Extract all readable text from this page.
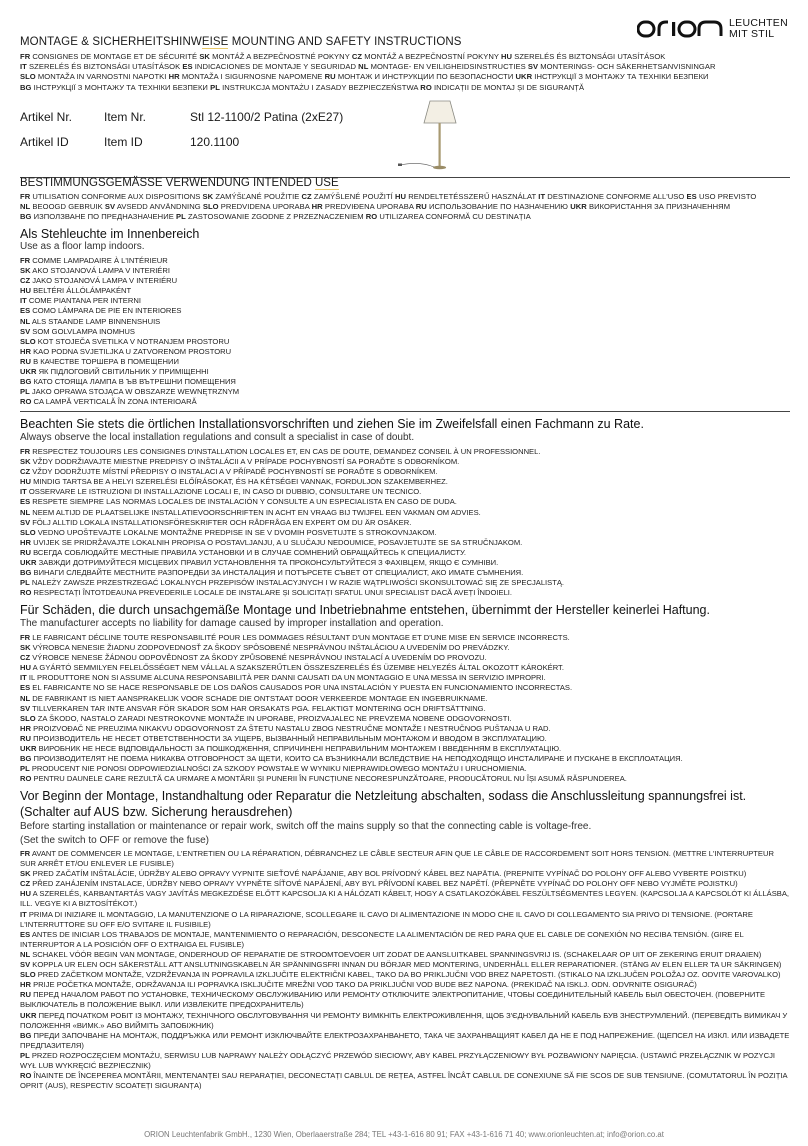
LEUCHTEN
MIT STIL
MONTAGE & SICHERHEITSHINWEISE MOUNTING AND SAFETY INSTRUCTIONS
FR CONSIGNES DE MONTAGE ET DE SÉCURITÉ SK MONTÁŽ A BEZPEČNOSTNÉ POKYNY CZ MONTÁŽ A BEZPEČNOSTNÍ POKYNY HU SZERELÉS ÉS BIZTONSÁGI UTASÍTÁSOK
IT SZERELÉS ÉS BIZTONSÁGI UTASÍTÁSOK ES INDICACIONES DE MONTAJE Y SEGURIDAD NL MONTAGE- EN VEILIGHEIDSINSTRUCTIES SV MONTERINGS- OCH SÄKERHETSANVISNINGAR
SLO MONTAŽA IN VARNOSTNI NAPOTKI HR MONTAŽA I SIGURNOSNE NAPOMENE RU МОНТАЖ И ИНСТРУКЦИИ ПО БЕЗОПАСНОСТИ UKR ІНСТРУКЦІЇ З МОНТАЖУ ТА ТЕХНІКИ БЕЗПЕКИ
BG ІНСТРУКЦІЇ З МОНТАЖУ ТА ТЕХНІКИ БЕЗПЕКИ PL INSTRUKCJA MONTAŻU I ZASADY BEZPIECZEŃSTWA RO INDICAȚII DE MONTAJ ȘI DE SIGURANȚĂ
Artikel Nr.	Item Nr.	Stl 12-1100/2 Patina (2xE27)
Artikel ID	Item ID	120.1100
BESTIMMUNGSGEMÄSSE VERWENDUNG INTENDED USE
FR UTILISATION CONFORME AUX DISPOSITIONS SK ZAMÝŠĽANÉ POUŽITIE CZ ZAMÝŠLENÉ POUŽITÍ HU RENDELTETÉSSZERŰ HASZNÁLAT IT DESTINAZIONE CONFORME ALL'USO ES USO PREVISTO
NL BEOOGD GEBRUIK SV AVSEDD ANVÄNDNING SLO PREDVIDENA UPORABA HR PREDVIĐENA UPORABA RU ИСПОЛЬЗОВАНИЕ ПО НАЗНАЧЕНИЮ UKR ВИКОРИСТАННЯ ЗА ПРИЗНАЧЕННЯМ
BG ИЗПОЛЗВАНЕ ПО ПРЕДНАЗНАЧЕНИЕ PL ZASTOSOWANIE ZGODNE Z PRZEZNACZENIEM RO UTILIZAREA CONFORMĂ CU DESTINAȚIA
Als Stehleuchte im Innenbereich
Use as a floor lamp indoors.
FR COMME LAMPADAIRE À L'INTÉRIEUR
SK AKO STOJANOVÁ LAMPA V INTERIÉRI
CZ JAKO STOJANOVÁ LAMPA V INTERIÉRU
HU BELTÉRI ÁLLÓLÁMPAKÉNT
IT COME PIANTANA PER INTERNI
ES COMO LÁMPARA DE PIE EN INTERIORES
NL ALS STAANDE LAMP BINNENSHUIS
SV SOM GOLVLAMPA INOMHUS
SLO KOT STOJEČA SVETILKA V NOTRANJEM PROSTORU
HR KAO PODNA SVJETILJKA U ZATVORENOM PROSTORU
RU В КАЧЕСТВЕ ТОРШЕРА В ПОМЕЩЕНИИ
UKR ЯК ПІДЛОГОВИЙ СВІТИЛЬНИК У ПРИМІЩЕННІ
BG КАТО СТОЯЩА ЛАМПА В ЪВ ВЪТРЕШНИ ПОМЕЩЕНИЯ
PL JAKO OPRAWA STOJĄCA W OBSZARZE WEWNĘTRZNYM
RO CA LAMPĂ VERTICALĂ ÎN ZONA INTERIOARĂ
Beachten Sie stets die örtlichen Installationsvorschriften und ziehen Sie im Zweifelsfall einen Fachmann zu Rate.
Always observe the local installation regulations and consult a specialist in case of doubt.
FR RESPECTEZ TOUJOURS LES CONSIGNES D'INSTALLATION LOCALES ET, EN CAS DE DOUTE, DEMANDEZ CONSEIL À UN PROFESSIONNEL.
SK VŽDY DODRŽIAVAJTE MIESTNE PREDPISY O INŠTALÁCII A V PRÍPADE POCHYBNOSTÍ SA PORAĎTE S ODBORNÍKOM.
CZ VŽDY DODRŽUJTE MÍSTNÍ PŘEDPISY O INSTALACI A V PŘÍPADĚ POCHYBNOSTÍ SE PORAĎTE S ODBORNÍKEM.
HU MINDIG TARTSA BE A HELYI SZERELÉSI ELŐÍRÁSOKAT, ÉS HA KÉTSÉGEI VANNAK, FORDULJON SZAKEMBERHEZ.
IT OSSERVARE LE ISTRUZIONI DI INSTALLAZIONE LOCALI E, IN CASO DI DUBBIO, CONSULTARE UN TECNICO.
ES RESPETE SIEMPRE LAS NORMAS LOCALES DE INSTALACIÓN Y CONSULTE A UN ESPECIALISTA EN CASO DE DUDA.
NL NEEM ALTIJD DE PLAATSELIJKE INSTALLATIEVOORSCHRIFTEN IN ACHT EN VRAAG BIJ TWIJFEL EEN VAKMAN OM ADVIES.
SV FÖLJ ALLTID LOKALA INSTALLATIONSFÖRESKRIFTER OCH RÅDFRÅGA EN EXPERT OM DU ÄR OSÄKER.
SLO VEDNO UPOŠTEVAJTE LOKALNE MONTAŽNE PREDPISE IN SE V DVOMIH POSVETUJTE S STROKOVNJAKOM.
HR UVIJEK SE PRIDRŽAVAJTE LOKALNIH PROPISA O POSTAVLJANJU, A U SLUČAJU NEDOUMICE, POSAVJETUJTE SE SA STRUČNJAKOM.
RU ВСЕГДА СОБЛЮДАЙТЕ МЕСТНЫЕ ПРАВИЛА УСТАНОВКИ И В СЛУЧАЕ СОМНЕНИЙ ОБРАЩАЙТЕСЬ К СПЕЦИАЛИСТУ.
UKR ЗАВЖДИ ДОТРИМУЙТЕСЯ МІСЦЕВИХ ПРАВИЛ УСТАНОВЛЕННЯ ТА ПРОКОНСУЛЬТУЙТЕСЯ З ФАХІВЦЕМ, ЯКЩО Є СУМНІВИ.
BG ВИНАГИ СЛЕДВАЙТЕ МЕСТНИТЕ РАЗПОРЕДБИ ЗА ИНСТАЛАЦИЯ И ПОТЪРСЕТЕ СЪВЕТ ОТ СПЕЦИАЛИСТ, АКО ИМАТЕ СЪМНЕНИЯ.
PL NALEŻY ZAWSZE PRZESTRZEGAĆ LOKALNYCH PRZEPISÓW INSTALACYJNYCH I W RAZIE WĄTPLIWOŚCI SKONSULTOWAĆ SIĘ ZE SPECJALISTĄ.
RO RESPECTAȚI ÎNTOTDEAUNA PREVEDERILE LOCALE DE INSTALARE ȘI SOLICITAȚI SFATUL UNUI SPECIALIST DACĂ AVEȚI ÎNDOIELI.
Für Schäden, die durch unsachgemäße Montage und Inbetriebnahme entstehen, übernimmt der Hersteller keinerlei Haftung.
The manufacturer accepts no liability for damage caused by improper installation and operation.
FR LE FABRICANT DÉCLINE TOUTE RESPONSABILITÉ POUR LES DOMMAGES RÉSULTANT D'UN MONTAGE ET D'UNE MISE EN SERVICE INCORRECTS.
SK VÝROBCA NENESIE ŽIADNU ZODPOVEDNOSŤ ZA ŠKODY SPÔSOBENÉ NESPRÁVNOU INŠTALÁCIOU A UVEDENÍM DO PREVÁDZKY.
CZ VÝROBCE NENESE ŽÁDNOU ODPOVĚDNOST ZA ŠKODY ZPŮSOBENÉ NESPRÁVNOU INSTALACÍ A UVEDENÍM DO PROVOZU.
HU A GYÁRTÓ SEMMILYEN FELELŐSSÉGET NEM VÁLLAL A SZAKSZERŰTLEN ÖSSZESZERELÉS ÉS ÜZEMBE HELYEZÉS ÁLTAL OKOZOTT KÁROKÉRT.
IT IL PRODUTTORE NON SI ASSUME ALCUNA RESPONSABILITÀ PER DANNI CAUSATI DA UN MONTAGGIO E UNA MESSA IN SERVIZIO IMPROPRI.
ES EL FABRICANTE NO SE HACE RESPONSABLE DE LOS DAÑOS CAUSADOS POR UNA INSTALACIÓN Y PUESTA EN FUNCIONAMIENTO INCORRECTAS.
NL DE FABRIKANT IS NIET AANSPRAKELIJK VOOR SCHADE DIE ONTSTAAT DOOR VERKEERDE MONTAGE EN INGEBRUIKNAME.
SV TILLVERKAREN TAR INTE ANSVAR FÖR SKADOR SOM HAR ORSAKATS PGA. FELAKTIGT MONTERING OCH DRIFTSÄTTNING.
SLO ZA ŠKODO, NASTALO ZARADI NESTROKOVNE MONTAŽE IN UPORABE, PROIZVAJALEC NE PREVZEMA NOBENE ODGOVORNOSTI.
HR PROIZVOĐAČ NE PREUZIMA NIKAKVU ODGOVORNOST ZA ŠTETU NASTALU ZBOG NESTRUČNE MONTAŽE I NESTRUČNOG PUŠTANJA U RAD.
RU ПРОИЗВОДИТЕЛЬ НЕ НЕСЕТ ОТВЕТСТВЕННОСТИ ЗА УЩЕРБ, ВЫЗВАННЫЙ НЕПРАВИЛЬНЫМ МОНТАЖОМ И ВВОДОМ В ЭКСПЛУАТАЦИЮ.
UKR ВИРОБНИК НЕ НЕСЕ ВІДПОВІДАЛЬНОСТІ ЗА ПОШКОДЖЕННЯ, СПРИЧИНЕНІ НЕПРАВИЛЬНИМ МОНТАЖЕМ І ВВЕДЕННЯМ В ЕКСПЛУАТАЦІЮ.
BG ПРОИЗВОДИТЕЛЯТ НЕ ПОЕМА НИКАКВА ОТГОВОРНОСТ ЗА ЩЕТИ, КОИТО СА ВЪЗНИКНАЛИ ВСЛЕДСТВИЕ НА НЕПОДХОДЯЩО ИНСТАЛИРАНЕ И ПУСКАНЕ В ЕКСПЛОАТАЦИЯ.
PL PRODUCENT NIE PONOSI ODPOWIEDZIALNOŚCI ZA SZKODY POWSTAŁE W WYNIKU NIEPRAWIDŁOWEGO MONTAŻU I URUCHOMIENIA.
RO PENTRU DAUNELE CARE REZULTĂ CA URMARE A MONTĂRII ȘI PUNERII ÎN FUNCȚIUNE NECORESPUNZĂTOARE, PRODUCĂTORUL NU ÎȘI ASUMĂ RĂSPUNDEREA.
Vor Beginn der Montage, Instandhaltung oder Reparatur die Netzleitung abschalten, sodass die Anschlussleitung spannungsfrei ist.
(Schalter auf AUS bzw. Sicherung herausdrehen)
Before starting installation or maintenance or repair work, switch off the mains supply so that the connecting cable is voltage-free.
(Set the switch to OFF or remove the fuse)
FR AVANT DE COMMENCER LE MONTAGE, L'ENTRETIEN OU LA RÉPARATION, DÉBRANCHEZ LE CÂBLE SECTEUR AFIN QUE LE CÂBLE DE RACCORDEMENT SOIT HORS TENSION. (METTRE L'INTERRUPTEUR SUR ARRÊT ET/OU ENLEVER LE FUSIBLE)
SK PRED ZAČATÍM INŠTALÁCIE, ÚDRŽBY ALEBO OPRAVY VYPNITE SIEŤOVÉ NAPÁJANIE, ABY BOL PRÍVODNÝ KÁBEL BEZ NAPÄTIA. (PREPNITE VYPÍNAČ DO POLOHY OFF ALEBO VYBERTE POISTKU)
CZ PŘED ZAHÁJENÍM INSTALACE, ÚDRŽBY NEBO OPRAVY VYPNĚTE SÍŤOVÉ NAPÁJENÍ, ABY BYL PŘÍVODNÍ KABEL BEZ NAPĚTÍ. (PŘEPNĚTE VYPÍNAČ DO POLOHY OFF NEBO VYJMĚTE POJISTKU)
HU A SZERELÉS, KARBANTARTÁS VAGY JAVÍTÁS MEGKEZDÉSE ELŐTT KAPCSOLJA KI A HÁLÓZATI KÁBELT, HOGY A CSATLAKOZÓKÁBEL FESZÜLTSÉGMENTES LEGYEN. (KAPCSOLJA A KAPCSOLÓT KI ÁLLÁSBA, ILL. VEGYE KI A BIZTOSÍTÉKOT.)
IT PRIMA DI INIZIARE IL MONTAGGIO, LA MANUTENZIONE O LA RIPARAZIONE, SCOLLEGARE IL CAVO DI ALIMENTAZIONE IN MODO CHE IL CAVO DI COLLEGAMENTO SIA PRIVO DI TENSIONE. (PORTARE L'INTERRUTTORE SU OFF E/O SVITARE IL FUSIBILE)
ES ANTES DE INICIAR LOS TRABAJOS DE MONTAJE, MANTENIMIENTO O REPARACIÓN, DESCONECTE LA ALIMENTACIÓN DE RED PARA QUE EL CABLE DE CONEXIÓN NO RECIBA TENSIÓN. (GIRE EL INTERRUPTOR A LA POSICIÓN OFF O EXTRAIGA EL FUSIBLE)
NL SCHAKEL VÓÓR BEGIN VAN MONTAGE, ONDERHOUD OF REPARATIE DE STROOMTOEVOER UIT ZODAT DE AANSLUITKABEL SPANNINGSVRIJ IS. (SCHAKELAAR OP UIT OF ZEKERING ERUIT DRAAIEN)
SV KOPPLA UR ELEN OCH SÄKERSTÄLL ATT ANSLUTNINGSKABELN ÄR SPÄNNINGSFRI INNAN DU BÖRJAR MED MONTERING, UNDERHÅLL ELLER REPARATIONER. (STÄNG AV ELEN ELLER TA UR SÄKRINGEN)
SLO PRED ZAČETKOM MONTAŽE, VZDRŽEVANJA IN POPRAVILA IZKLJUČITE ELEKTRIČNI KABEL, TAKO DA BO PRIKLJUČNI VOD BREZ NAPETOSTI. (STIKALO NA IZKLJUČEN POLOŽAJ OZ. ODVITE VAROVALKO)
HR PRIJE POČETKA MONTAŽE, ODRŽAVANJA ILI POPRAVKA ISKLJUČITE MREŽNI VOD TAKO DA PRIKLJUČNI VOD BUDE BEZ NAPONA. (PREKIDAČ NA ISKLJ. ODN. ODVRNITE OSIGURAČ)
RU ПЕРЕД НАЧАЛОМ РАБОТ ПО УСТАНОВКЕ, ТЕХНИЧЕСКОМУ ОБСЛУЖИВАНИЮ ИЛИ РЕМОНТУ ОТКЛЮЧИТЕ ЭЛЕКТРОПИТАНИЕ, ЧТОБЫ СОЕДИНИТЕЛЬНЫЙ КАБЕЛЬ БЫЛ ОБЕСТОЧЕН. (ПОВЕРНИТЕ ВЫКЛЮЧАТЕЛЬ В ПОЛОЖЕНИЕ ВЫКЛ. ИЛИ ИЗВЛЕКИТЕ ПРЕДОХРАНИТЕЛЬ)
UKR ПЕРЕД ПОЧАТКОМ РОБІТ ІЗ МОНТАЖУ, ТЕХНІЧНОГО ОБСЛУГОВУВАННЯ ЧИ РЕМОНТУ ВИМКНІТЬ ЕЛЕКТРОЖИВЛЕННЯ, ЩОБ З'ЄДНУВАЛЬНИЙ КАБЕЛЬ БУВ ЗНЕСТРУМЛЕНИЙ. (ПЕРЕВЕДІТЬ ВИМИКАЧ У ПОЛОЖЕННЯ «ВИМК.» АБО ВИЙМІТЬ ЗАПОБІЖНИК)
BG ПРЕДИ ЗАПОЧВАНЕ НА МОНТАЖ, ПОДДРЪЖКА ИЛИ РЕМОНТ ИЗКЛЮЧВАЙТЕ ЕЛЕКТРОЗАХРАНВАНЕТО, ТАКА ЧЕ ЗАХРАНВАЩИЯТ КАБЕЛ ДА НЕ Е ПОД НАПРЕЖЕНИЕ. (ЩЕПСЕЛ НА ИЗКЛ. ИЛИ ИЗВАДЕТЕ ПРЕДПАЗИТЕЛЯ)
PL PRZED ROZPOCZĘCIEM MONTAŻU, SERWISU LUB NAPRAWY NALEŻY ODŁĄCZYĆ PRZEWÓD SIECIOWY, ABY KABEL PRZYŁĄCZENIOWY BYŁ POZBAWIONY NAPIĘCIA. (USTAWIĆ PRZEŁĄCZNIK W POZYCJI WYŁ LUB WYKRĘCIĆ BEZPIECZNIK)
RO ÎNAINTE DE ÎNCEPEREA MONTĂRII, MENTENANȚEI SAU REPARAȚIEI, DECONECTAȚI CABLUL DE REȚEA, ASTFEL ÎNCÂT CABLUL DE CONEXIUNE SĂ FIE SCOS DE SUB TENSIUNE. (COMUTATORUL ÎN POZIȚIA OPRIT (AUS), RESPECTIV SCOATEȚI SIGURANȚA)
ORION Leuchtenfabrik GmbH., 1230 Wien, Oberlaaerstraße 284; TEL +43-1-616 80 91; FAX +43-1-616 71 40; www.orionleuchten.at; info@orion.co.at
